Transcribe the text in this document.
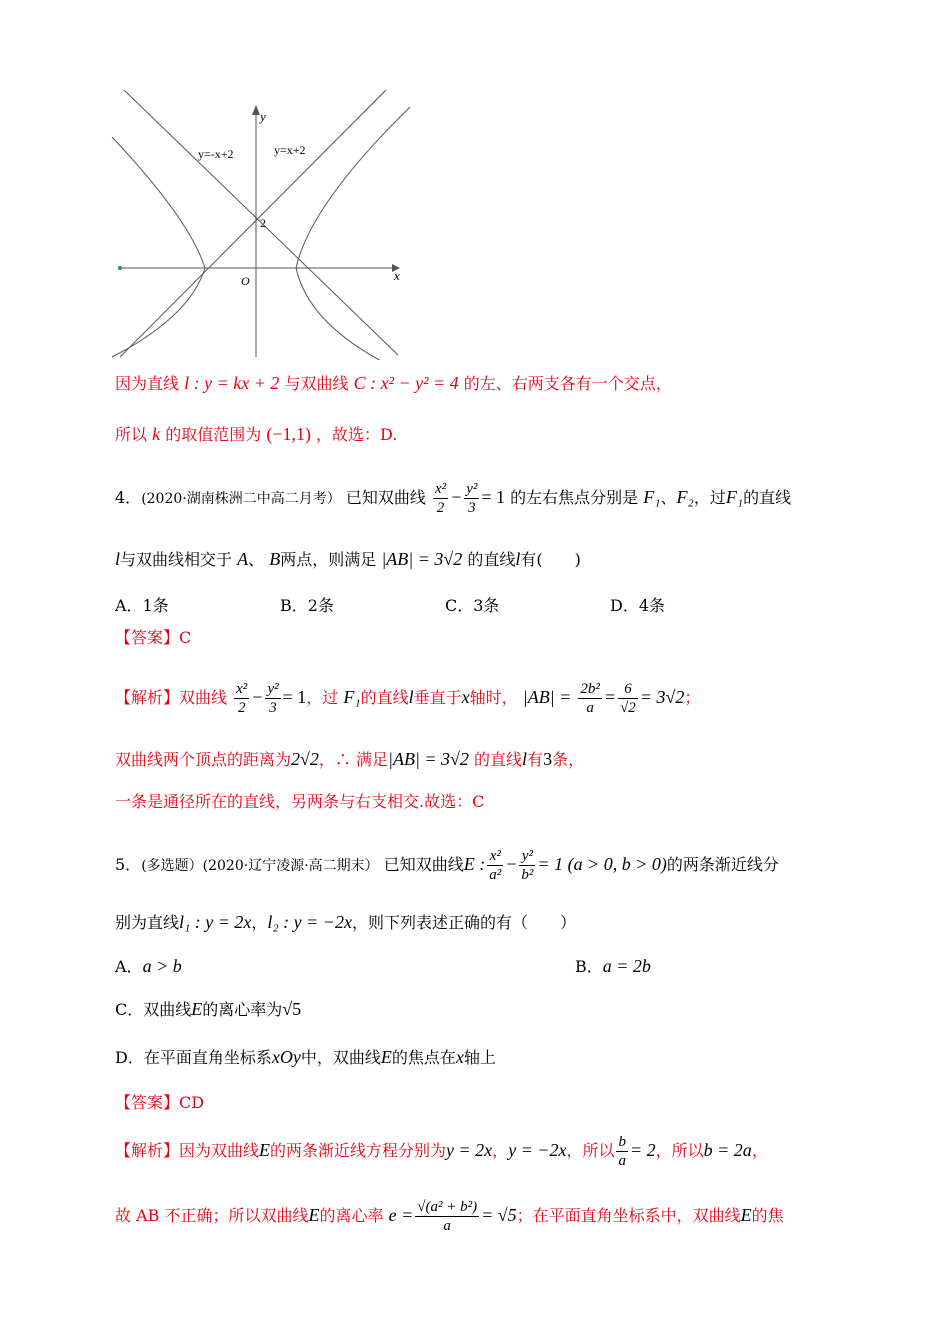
y
x
O
2
y=-x+2	y=x+2
因为直线 l : y = kx + 2 与双曲线 C : x² − y² = 4 的左、右两支各有一个交点，
所以 k 的取值范围为 (−1,1) ，故选：D.
4．(2020·湖南株洲二中高二月考） 已知双曲线 $\frac{\text{x²}}{2} - \frac{\text{y²}}{3} = 1$ 的左右焦点分别是 F₁、F₂，过F₁的直线
l与双曲线相交于 A、 B两点，则满足 |AB| = 3√2 的直线l有(　　)
A．1条	B．2条	C．3条	D．4条
【答案】C
【解析】双曲线 $\frac{\text{x²}}{2} - \frac{\text{y²}}{3} = 1$，过 F₁的直线l垂直于x轴时， $|AB| = \frac{\text{2b²}}{a} = \frac{6}{√2} = 3√2$；
双曲线两个顶点的距离为2√2，∴ 满足|AB| = 3√2 的直线l有3条，
一条是通径所在的直线，另两条与右支相交.故选：C
5．(多选题）(2020·辽宁凌源·高二期末） 已知双曲线E : $\frac{\text{x²}}{\text{a²}} - \frac{\text{y²}}{\text{b²}} = 1$ (a > 0, b > 0)的两条渐近线分
别为直线l₁ : y = 2x，l₂ : y = −2x，则下列表述正确的有（　　）
A．a > b	B．a = 2b
C．双曲线E的离心率为√5
D．在平面直角坐标系xOy中，双曲线E的焦点在x轴上
【答案】CD
【解析】因为双曲线E的两条渐近线方程分别为y = 2x，y = −2x，所以 $\frac{b}{a} = 2$，所以b = 2a，
故 AB 不正确；所以双曲线E的离心率 $e = \frac{\text{√(a² + b²)}}{a} = √5$；在平面直角坐标系中，双曲线E的焦
